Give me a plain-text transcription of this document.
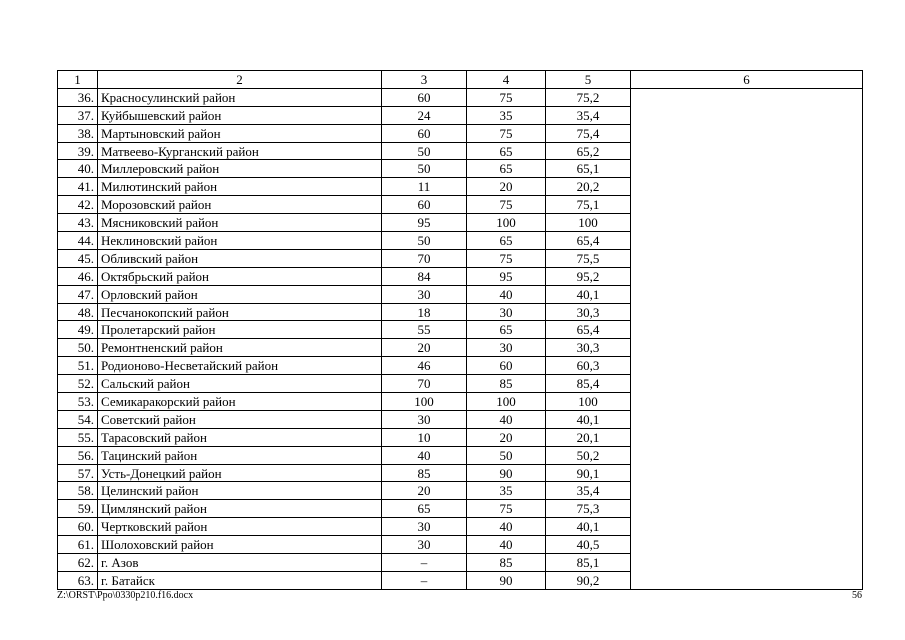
1	2	3	4	5	6
36.	Красносулинский район	60	75	75,2	
37.	Куйбышевский район	24	35	35,4	
38.	Мартыновский район	60	75	75,4	
39.	Матвеево-Курганский район	50	65	65,2	
40.	Миллеровский район	50	65	65,1	
41.	Милютинский район	11	20	20,2	
42.	Морозовский район	60	75	75,1	
43.	Мясниковский район	95	100	100	
44.	Неклиновский район	50	65	65,4	
45.	Обливский район	70	75	75,5	
46.	Октябрьский район	84	95	95,2	
47.	Орловский район	30	40	40,1	
48.	Песчанокопский район	18	30	30,3	
49.	Пролетарский район	55	65	65,4	
50.	Ремонтненский район	20	30	30,3	
51.	Родионово-Несветайский район	46	60	60,3	
52.	Сальский район	70	85	85,4	
53.	Семикаракорский район	100	100	100	
54.	Советский район	30	40	40,1	
55.	Тарасовский район	10	20	20,1	
56.	Тацинский район	40	50	50,2	
57.	Усть-Донецкий район	85	90	90,1	
58.	Целинский район	20	35	35,4	
59.	Цимлянский район	65	75	75,3	
60.	Чертковский район	30	40	40,1	
61.	Шолоховский район	30	40	40,5	
62.	г. Азов	–	85	85,1	
63.	г. Батайск	–	90	90,2	
Z:\ORST\Ppo\0330p210.f16.docx	56
